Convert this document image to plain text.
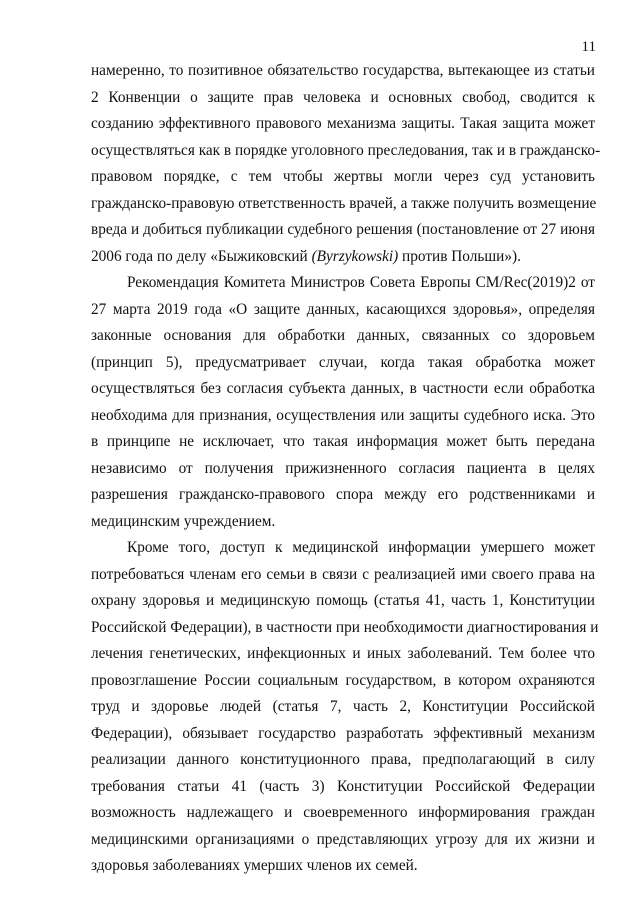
11
намеренно, то позитивное обязательство государства, вытекающее из статьи
2 Конвенции о защите прав человека и основных свобод, сводится к
созданию эффективного правового механизма защиты. Такая защита может
осуществляться как в порядке уголовного преследования, так и в гражданско-
правовом порядке, с тем чтобы жертвы могли через суд установить
гражданско-правовую ответственность врачей, а также получить возмещение
вреда и добиться публикации судебного решения (постановление от 27 июня
2006 года по делу «Быжиковский (Byrzykowski) против Польши»).
Рекомендация Комитета Министров Совета Европы CM/Rec(2019)2 от
27 марта 2019 года «О защите данных, касающихся здоровья», определяя
законные основания для обработки данных, связанных со здоровьем
(принцип 5), предусматривает случаи, когда такая обработка может
осуществляться без согласия субъекта данных, в частности если обработка
необходима для признания, осуществления или защиты судебного иска. Это
в принципе не исключает, что такая информация может быть передана
независимо от получения прижизненного согласия пациента в целях
разрешения гражданско-правового спора между его родственниками и
медицинским учреждением.
Кроме того, доступ к медицинской информации умершего может
потребоваться членам его семьи в связи с реализацией ими своего права на
охрану здоровья и медицинскую помощь (статья 41, часть 1, Конституции
Российской Федерации), в частности при необходимости диагностирования и
лечения генетических, инфекционных и иных заболеваний. Тем более что
провозглашение России социальным государством, в котором охраняются
труд и здоровье людей (статья 7, часть 2, Конституции Российской
Федерации), обязывает государство разработать эффективный механизм
реализации данного конституционного права, предполагающий в силу
требования статьи 41 (часть 3) Конституции Российской Федерации
возможность надлежащего и своевременного информирования граждан
медицинскими организациями о представляющих угрозу для их жизни и
здоровья заболеваниях умерших членов их семей.
